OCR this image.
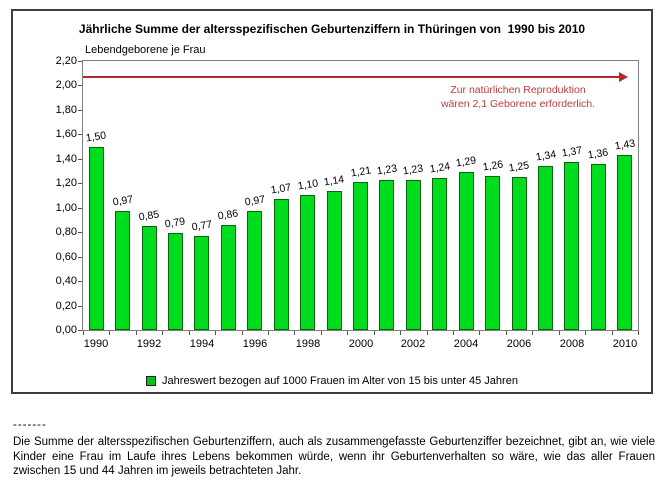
Jährliche Summe der altersspezifischen Geburtenziffern in Thüringen von  1990 bis 2010
Lebendgeborene je Frau
Zur natürlichen Reproduktion
wären 2,1 Geborene erforderlich.
0,00
0,20
0,40
0,60
0,80
1,00
1,20
1,40
1,60
1,80
2,00
2,20
1990	1992	1994	1996	1998	2000	2002	2004	2006	2008	2010
1,50
0,97
0,85 0,79 0,77
0,86
0,97
1,07 1,10 1,14
1,21 1,23 1,23 1,24 1,29 1,26 1,25
1,34 1,37 1,36
1,43
Jahreswert bezogen auf 1000 Frauen im Alter von 15 bis unter 45 Jahren
-------
Die Summe der altersspezifischen Geburtenziffern, auch als zusammengefasste Geburtenziffer bezeichnet, gibt an, wie viele Kinder eine Frau im Laufe ihres Lebens bekommen würde, wenn ihr Geburtenverhalten so wäre, wie das aller Frauen zwischen 15 und 44 Jahren im jeweils betrachteten Jahr.
